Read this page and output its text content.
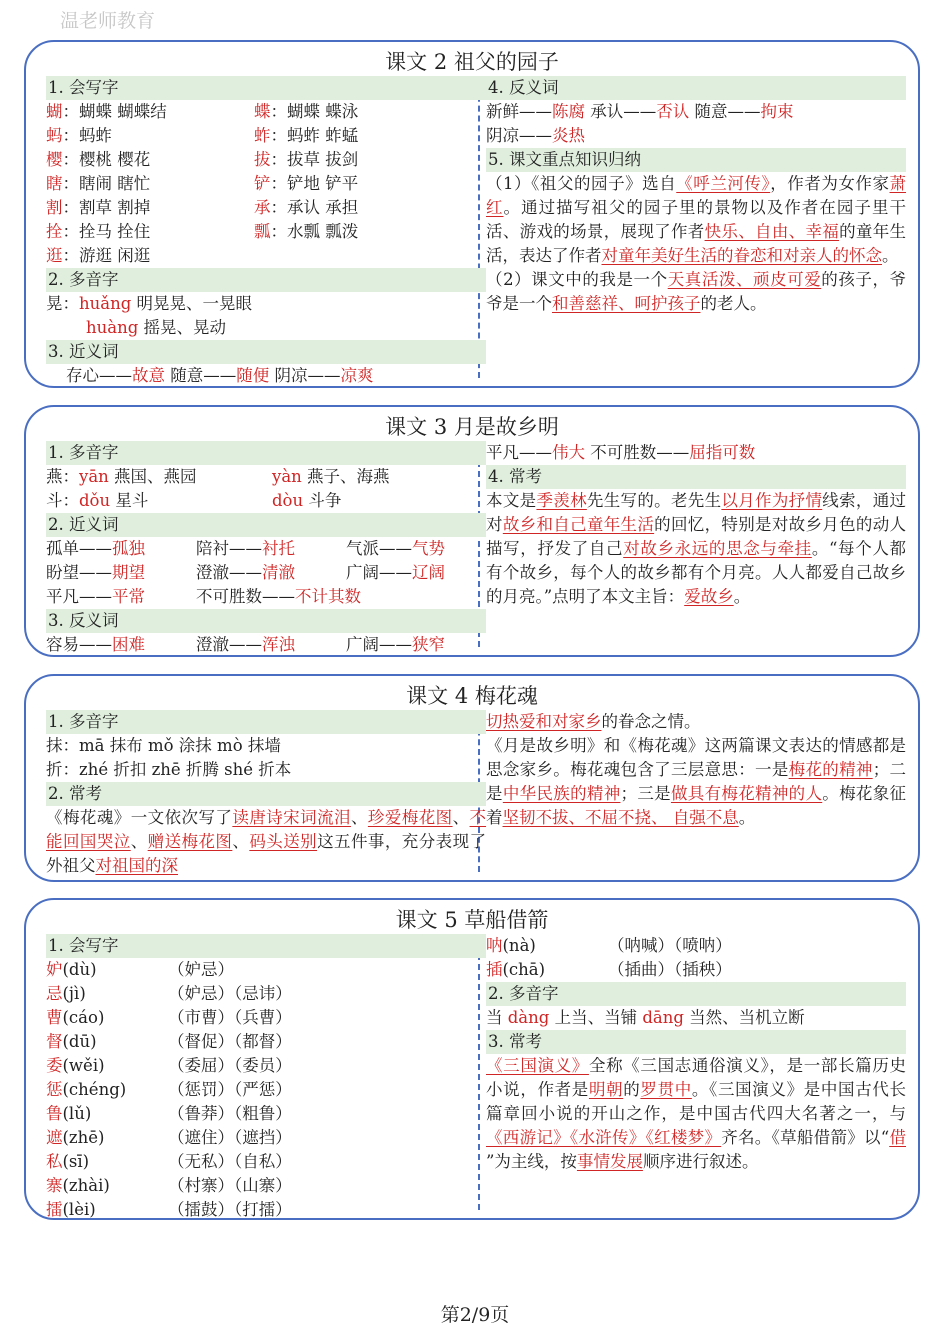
温老师教育
课文 2 祖父的园子
1. 会写字
蝴：蝴蝶 蝴蝶结	蝶：蝴蝶 蝶泳
蚂：蚂蚱	蚱：蚂蚱 蚱蜢
樱：樱桃 樱花	拔：拔草 拔剑
瞎：瞎闹 瞎忙	铲：铲地 铲平
割：割草 割掉	承：承认 承担
拴：拴马 拴住	瓢：水瓢 瓢泼
逛：游逛 闲逛
2. 多音字
晃：huǎng 明晃晃、一晃眼
huàng 摇晃、晃动
3. 近义词
存心——故意 随意——随便 阴凉——凉爽
4. 反义词
新鲜——陈腐 承认——否认 随意——拘束
阴凉——炎热
5. 课文重点知识归纳
（1）《祖父的园子》选自《呼兰河传》，作者为女作家萧红。通过描写祖父的园子里的景物以及作者在园子里干活、游戏的场景，展现了作者快乐、自由、幸福的童年生活，表达了作者对童年美好生活的眷恋和对亲人的怀念。
（2）课文中的我是一个天真活泼、顽皮可爱的孩子，爷爷是一个和善慈祥、呵护孩子的老人。
课文 3 月是故乡明
1. 多音字
燕：yān 燕国、燕园	yàn 燕子、海燕
斗：dǒu 星斗	dòu 斗争
2. 近义词
孤单——孤独	陪衬——衬托	气派——气势
盼望——期望	澄澈——清澈	广阔——辽阔
平凡——平常	不可胜数——不计其数
3. 反义词
容易——困难	澄澈——浑浊	广阔——狭窄
平凡——伟大 不可胜数——屈指可数
4. 常考
本文是季羡林先生写的。老先生以月作为抒情线索，通过对故乡和自己童年生活的回忆，特别是对故乡月色的动人描写，抒发了自己对故乡永远的思念与牵挂。“每个人都有个故乡，每个人的故乡都有个月亮。人人都爱自己故乡的月亮。”点明了本文主旨：爱故乡。
课文 4 梅花魂
1. 多音字
抹：mā 抹布 mǒ 涂抹 mò 抹墙
折：zhé 折扣 zhē 折腾 shé 折本
2. 常考
《梅花魂》一文依次写了读唐诗宋词流泪、珍爱梅花图、不能回国哭泣、赠送梅花图、码头送别这五件事，充分表现了外祖父对祖国的深
切热爱和对家乡的眷念之情。
《月是故乡明》和《梅花魂》这两篇课文表达的情感都是思念家乡。梅花魂包含了三层意思：一是梅花的精神；二是中华民族的精神；三是做具有梅花精神的人。梅花象征着坚韧不拔、不屈不挠、 自强不息。
课文 5 草船借箭
1. 会写字
妒(dù)	（妒忌）
忌(jì)	（妒忌）（忌讳）
曹(cáo)	（市曹）（兵曹）
督(dū)	（督促）（都督）
委(wěi)	（委屈）（委员）
惩(chéng)	（惩罚）（严惩）
鲁(lǔ)	（鲁莽）（粗鲁）
遮(zhē)	（遮住）（遮挡）
私(sī)	（无私）（自私）
寨(zhài)	（村寨）（山寨）
擂(lèi)	（擂鼓）（打擂）
呐(nà)	（呐喊）（喷呐）
插(chā)	（插曲）（插秧）
2. 多音字
当 dàng 上当、当铺 dāng 当然、当机立断
3. 常考
《三国演义》全称《三国志通俗演义》，是一部长篇历史小说，作者是明朝的罗贯中。《三国演义》是中国古代长篇章回小说的开山之作，是中国古代四大名著之一，与《西游记》《水浒传》《红楼梦》齐名。《草船借箭》以“借 ”为主线，按事情发展顺序进行叙述。
第2/9页
